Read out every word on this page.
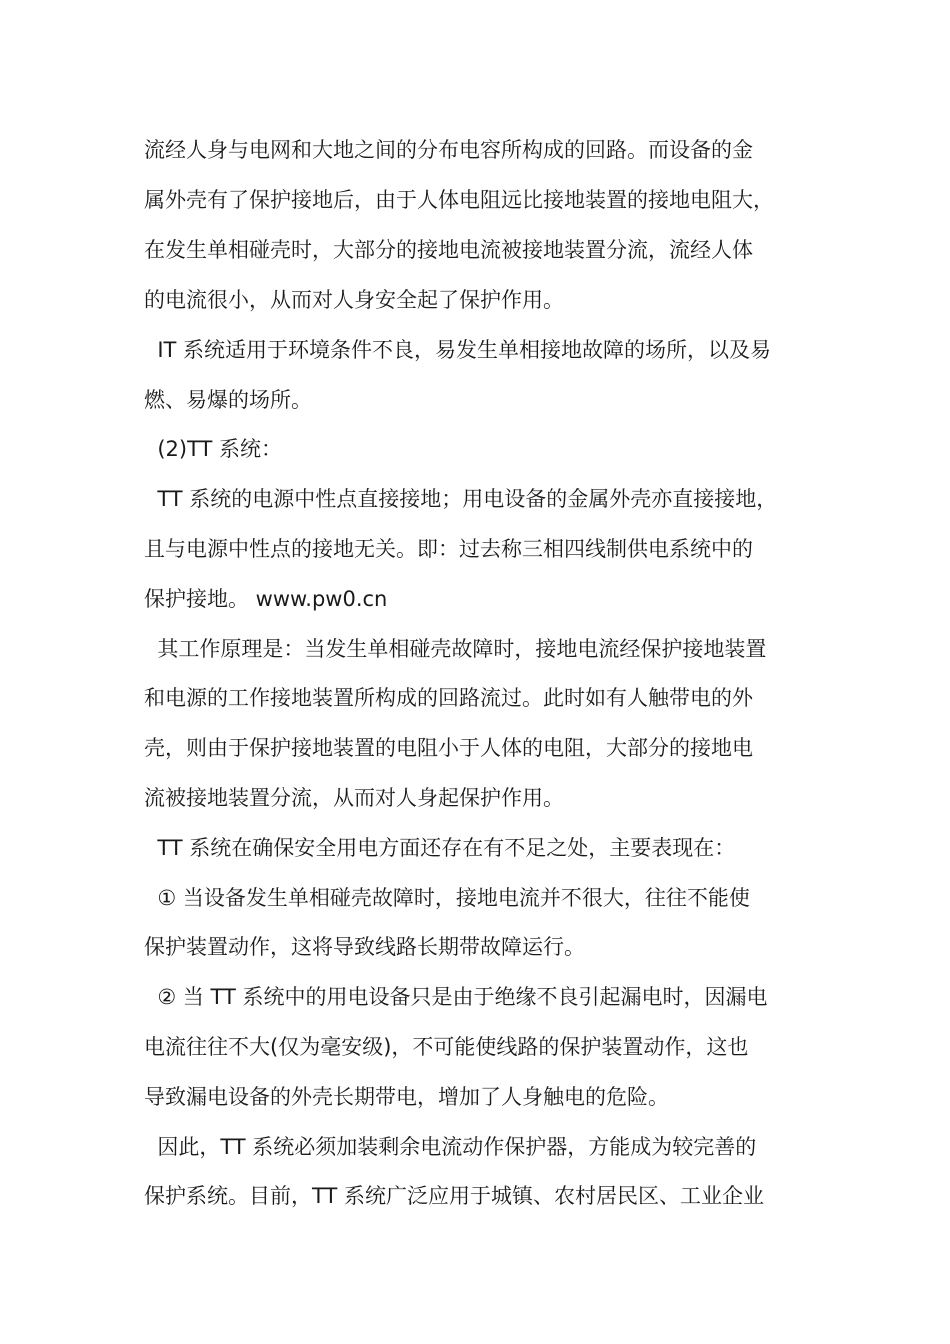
流经人身与电网和大地之间的分布电容所构成的回路。而设备的金
属外壳有了保护接地后，由于人体电阻远比接地装置的接地电阻大，
在发生单相碰壳时，大部分的接地电流被接地装置分流，流经人体
的电流很小，从而对人身安全起了保护作用。
IT 系统适用于环境条件不良，易发生单相接地故障的场所，以及易
燃、易爆的场所。
(2)TT 系统：
TT 系统的电源中性点直接接地；用电设备的金属外壳亦直接接地，
且与电源中性点的接地无关。即：过去称三相四线制供电系统中的
保护接地。 www.pw0.cn
其工作原理是：当发生单相碰壳故障时，接地电流经保护接地装置
和电源的工作接地装置所构成的回路流过。此时如有人触带电的外
壳，则由于保护接地装置的电阻小于人体的电阻，大部分的接地电
流被接地装置分流，从而对人身起保护作用。
TT 系统在确保安全用电方面还存在有不足之处，主要表现在：
① 当设备发生单相碰壳故障时，接地电流并不很大，往往不能使
保护装置动作，这将导致线路长期带故障运行。
② 当 TT 系统中的用电设备只是由于绝缘不良引起漏电时，因漏电
电流往往不大(仅为毫安级)，不可能使线路的保护装置动作，这也
导致漏电设备的外壳长期带电，增加了人身触电的危险。
因此，TT 系统必须加装剩余电流动作保护器，方能成为较完善的
保护系统。目前，TT 系统广泛应用于城镇、农村居民区、工业企业
